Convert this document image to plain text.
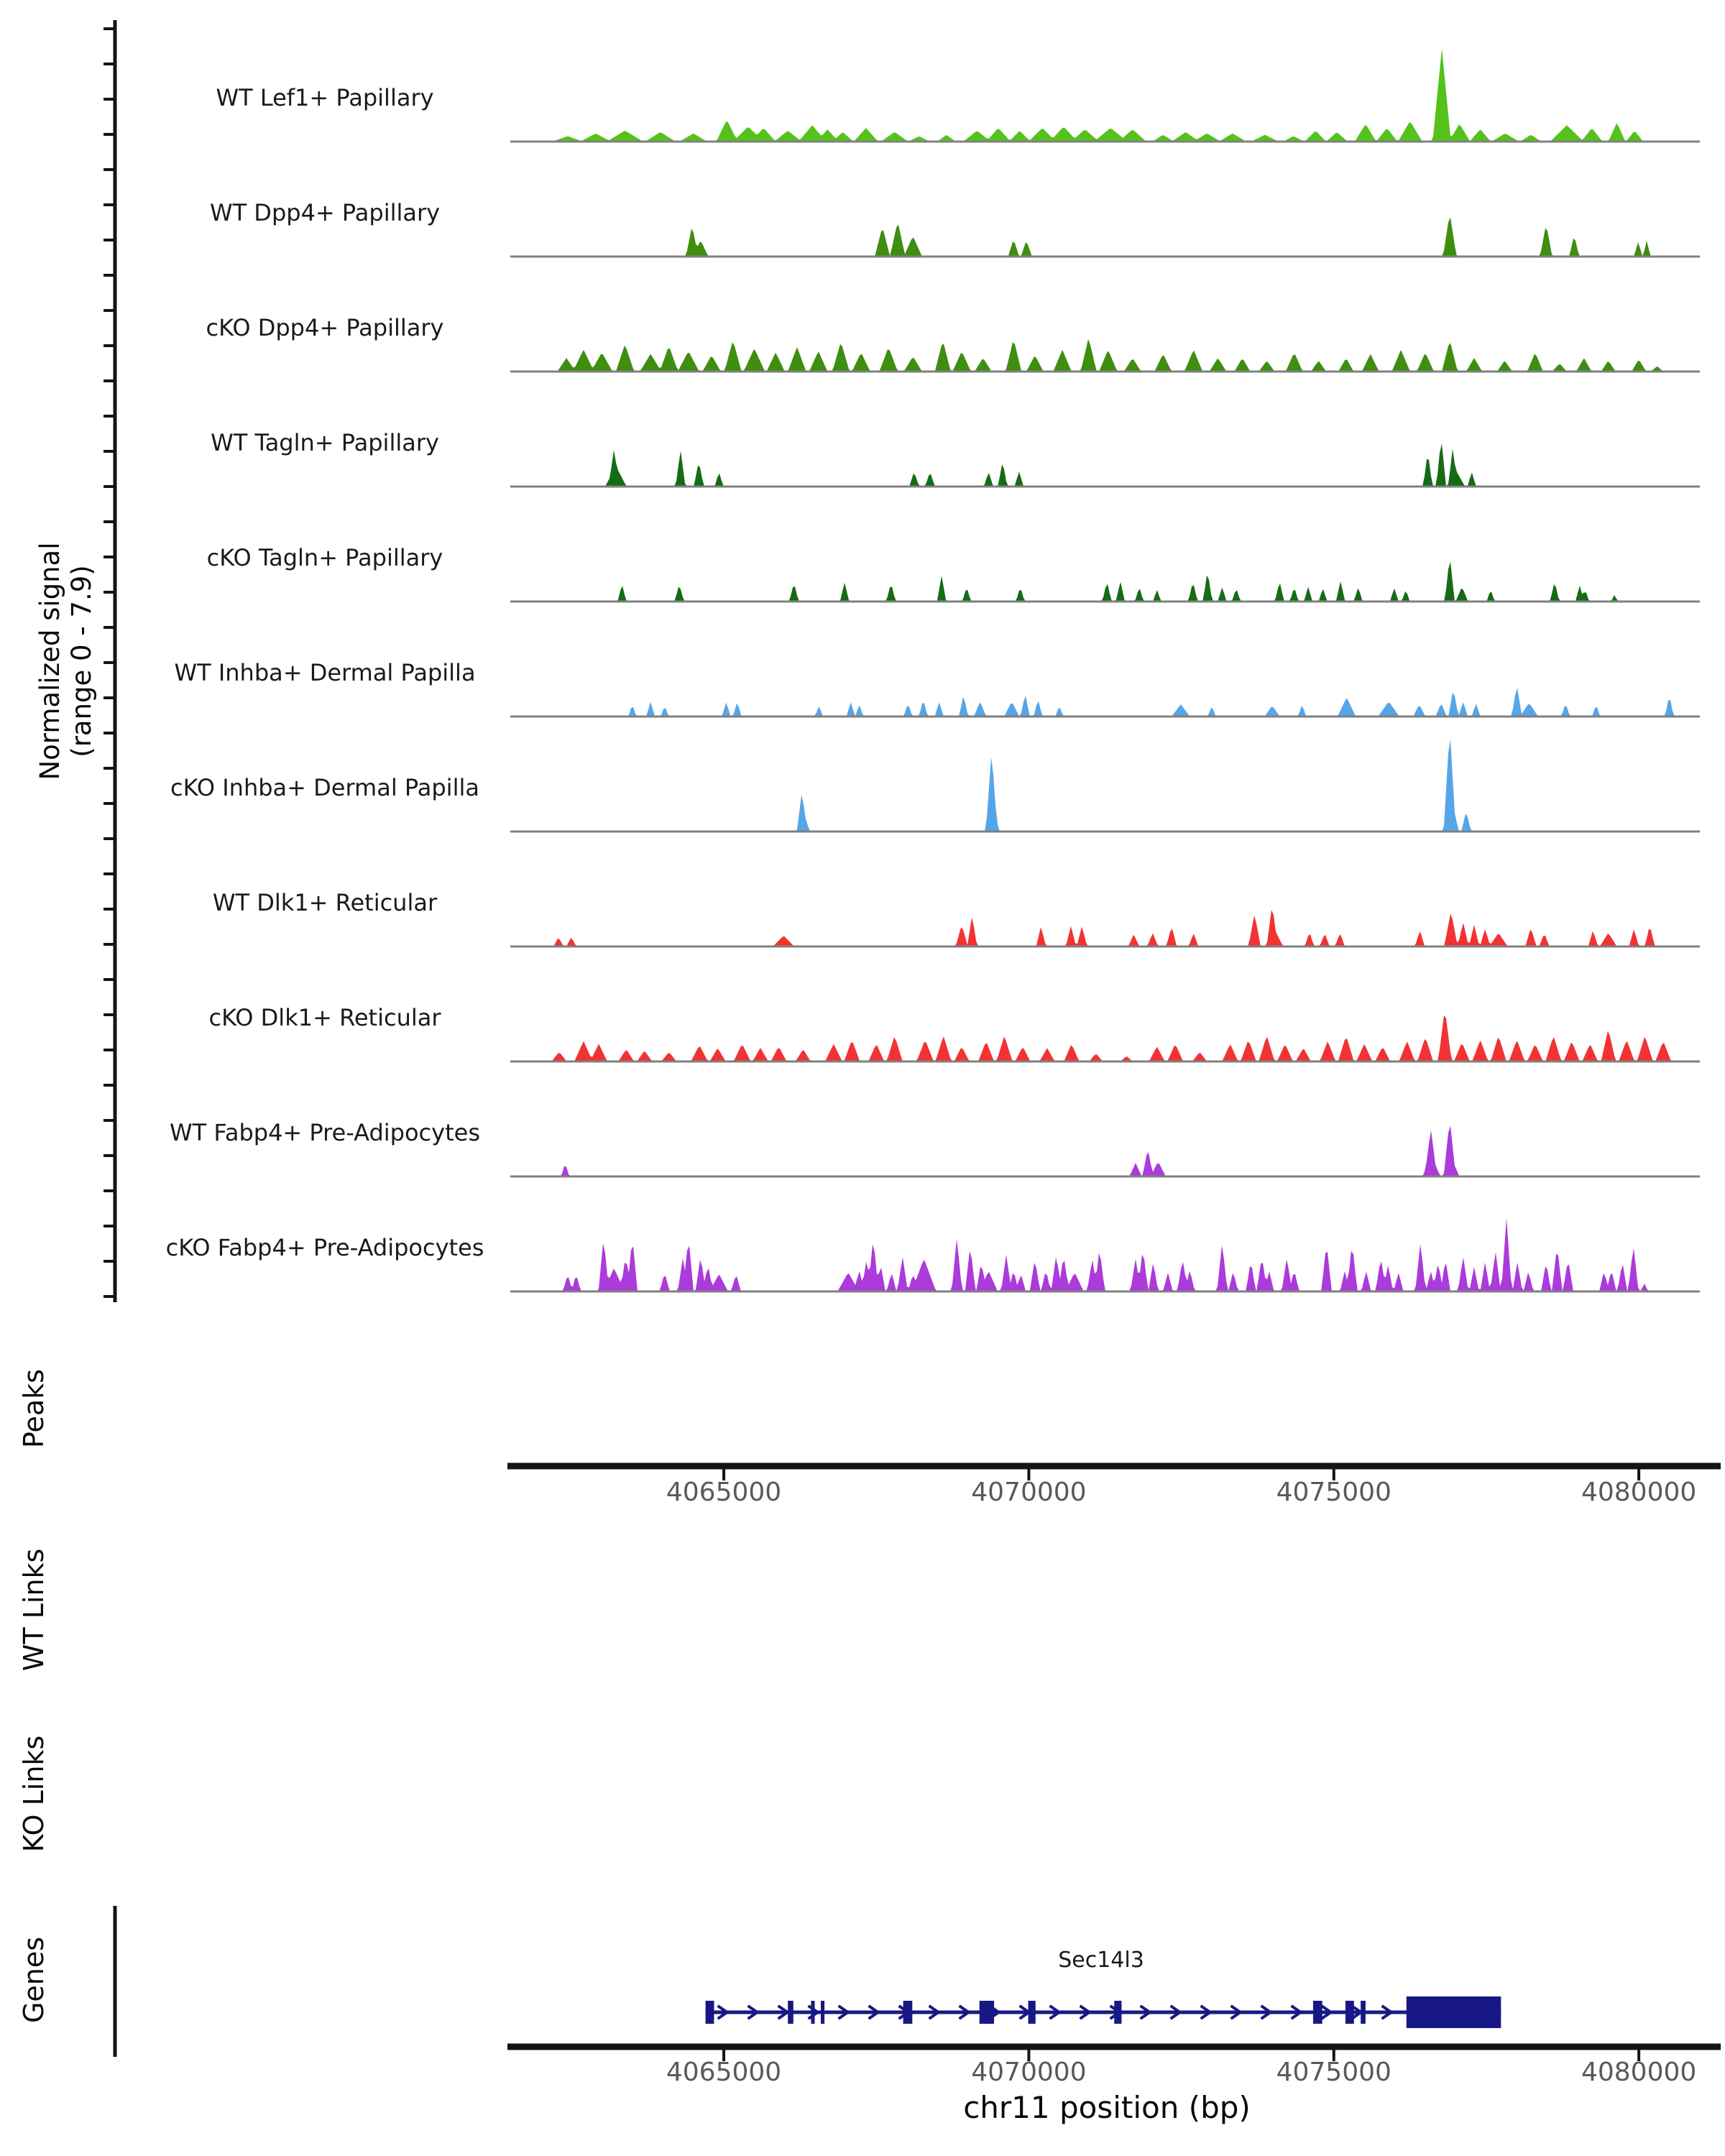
Normalized signal (range 0 - 7.9)
WT Lef1+ Papillary
WT Dpp4+ Papillary
cKO Dpp4+ Papillary
WT Tagln+ Papillary
cKO Tagln+ Papillary
WT Inhba+ Dermal Papilla
cKO Inhba+ Dermal Papilla
WT Dlk1+ Reticular
cKO Dlk1+ Reticular
WT Fabp4+ Pre-Adipocytes
cKO Fabp4+ Pre-Adipocytes
Peaks
WT Links
KO Links
Genes
4065000	4070000	4075000	4080000
Sec14l3
4065000	4070000	4075000	4080000
chr11 position (bp)
